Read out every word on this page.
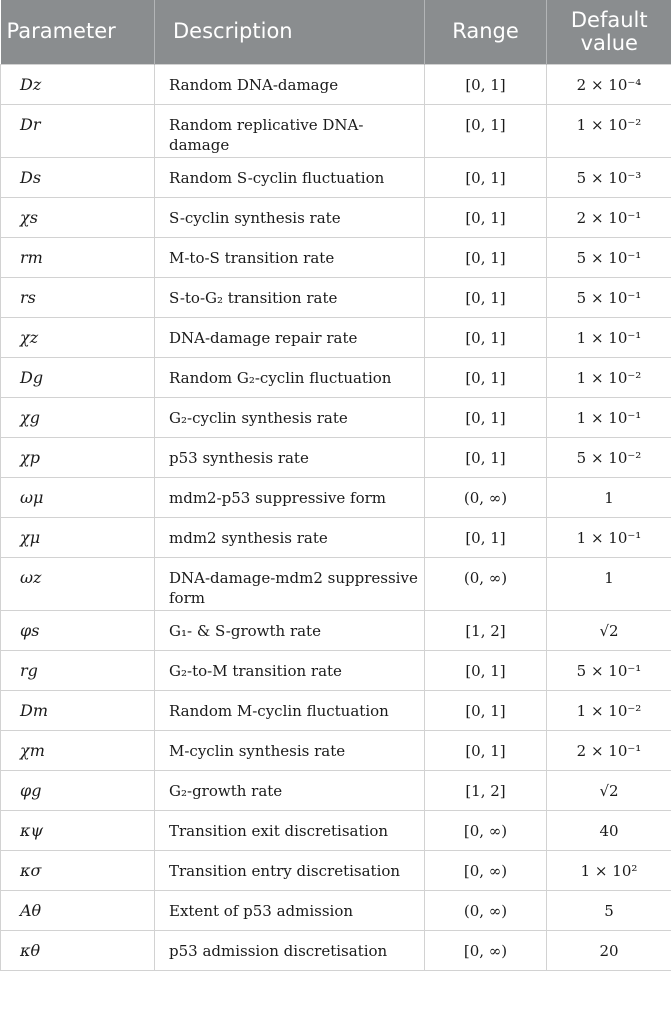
Parameter	Description	Range	Default value
Dz	Random DNA-damage	[0, 1]	2 × 10⁻⁴
Dr	Random replicative DNA-damage	[0, 1]	1 × 10⁻²
Ds	Random S-cyclin fluctuation	[0, 1]	5 × 10⁻³
χs	S-cyclin synthesis rate	[0, 1]	2 × 10⁻¹
rm	M-to-S transition rate	[0, 1]	5 × 10⁻¹
rs	S-to-G₂ transition rate	[0, 1]	5 × 10⁻¹
χz	DNA-damage repair rate	[0, 1]	1 × 10⁻¹
Dg	Random G₂-cyclin fluctuation	[0, 1]	1 × 10⁻²
χg	G₂-cyclin synthesis rate	[0, 1]	1 × 10⁻¹
χp	p53 synthesis rate	[0, 1]	5 × 10⁻²
ωμ	mdm2-p53 suppressive form	(0, ∞)	1
χμ	mdm2 synthesis rate	[0, 1]	1 × 10⁻¹
ωz	DNA-damage-mdm2 suppressive form	(0, ∞)	1
φs	G₁- & S-growth rate	[1, 2]	√2
rg	G₂-to-M transition rate	[0, 1]	5 × 10⁻¹
Dm	Random M-cyclin fluctuation	[0, 1]	1 × 10⁻²
χm	M-cyclin synthesis rate	[0, 1]	2 × 10⁻¹
φg	G₂-growth rate	[1, 2]	√2
κψ	Transition exit discretisation	[0, ∞)	40
κσ	Transition entry discretisation	[0, ∞)	1 × 10²
Aθ	Extent of p53 admission	(0, ∞)	5
κθ	p53 admission discretisation	[0, ∞)	20
